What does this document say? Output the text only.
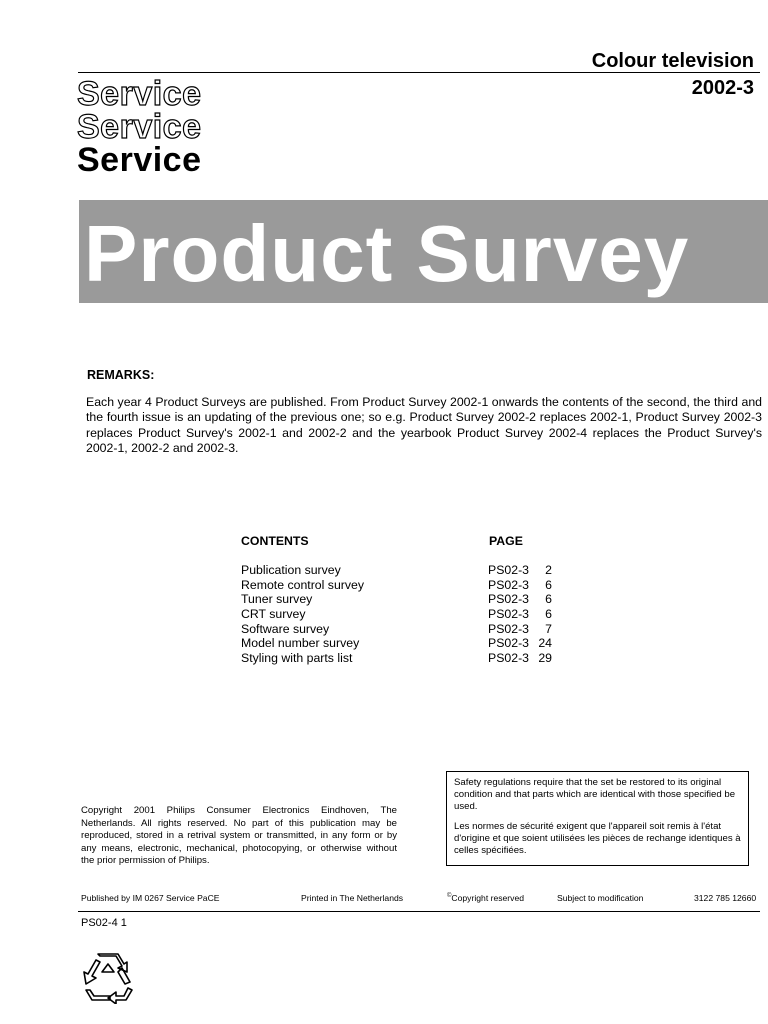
Colour television
2002-3
Service
Service
Service
Product Survey
REMARKS:
Each year 4 Product Surveys are published. From Product Survey 2002-1 onwards the contents of the second, the third and the fourth issue is an updating of the previous one; so e.g. Product Survey 2002-2 replaces 2002-1, Product Survey 2002-3 replaces Product Survey's 2002-1 and 2002-2 and the yearbook Product Survey 2002-4 replaces the Product Survey's 2002-1, 2002-2 and 2002-3.
CONTENTS	PAGE
Publication survey	PS02-3	2
Remote control survey	PS02-3	6
Tuner survey	PS02-3	6
CRT survey	PS02-3	6
Software survey	PS02-3	7
Model number survey	PS02-3 24
Styling with parts list	PS02-3 29

Safety regulations require that the set be restored to its original condition and that parts which are identical with those specified be used.

Les normes de sécurité exigent que l'appareil soit remis à l'état d'origine et que soient utilisées les pièces de rechange identiques à celles spécifiées.

Copyright 2001 Philips Consumer Electronics Eindhoven, The Netherlands. All rights reserved. No part of this publication may be reproduced, stored in a retrival system or transmitted, in any form or by any means, electronic, mechanical, photocopying, or otherwise without the prior permission of Philips.
Published by IM 0267 Service PaCE	Printed in The Netherlands	©Copyright reserved	Subject to modification	3122 785 12660
PS02-4 1
